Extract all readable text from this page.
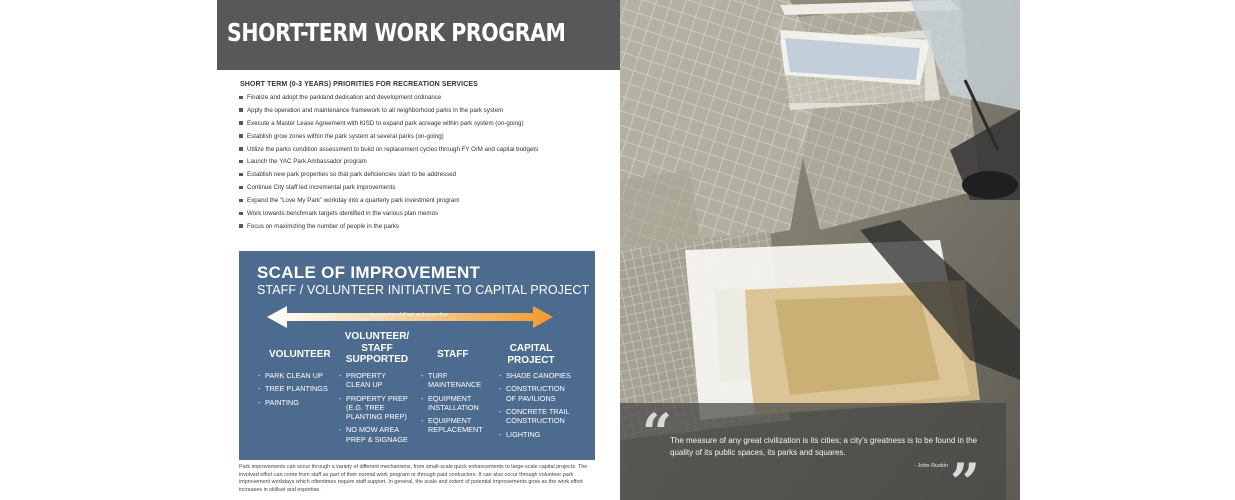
SHORT-TERM WORK PROGRAM
SHORT TERM (0-3 YEARS) PRIORITIES FOR RECREATION SERVICES
Finalize and adopt the parkland dedication and development ordinance
Apply the operation and maintenance framework to all neighborhood parks in the park system
Execute a Master Lease Agreement with KISD to expand park acreage within park system (on-going)
Establish grow zones within the park system at several parks (on-going)
Utilize the parks condition assessment to build on replacement cycles through FY O/M and capital budgets
Launch the YAC Park Ambassador program
Establish new park properties so that park deficiencies start to be addressed
Continue City staff led incremental park improvements
Expand the “Love My Park” workday into a quarterly park investment program
Work towards benchmark targets identified in the various plan memos
Focus on maximizing the number of people in the parks
SCALE OF IMPROVEMENT
STAFF / VOLUNTEER INITIATIVE TO CAPITAL PROJECT
increasing skillset and expertise
VOLUNTEER
VOLUNTEER/
STAFF
SUPPORTED	STAFF
CAPITAL
PROJECT
- PARK CLEAN UP
- TREE PLANTINGS
- PAINTING
- PROPERTY
CLEAN UP
- PROPERTY PREP
(E.G. TREE
PLANTING PREP)
- NO MOW AREA
PREP & SIGNAGE
- TURF
MAINTENANCE
- EQUIPMENT
INSTALLATION
- EQUIPMENT
REPLACEMENT
- SHADE CANOPIES
- CONSTRUCTION
OF PAVILIONS
- CONCRETE TRAIL
CONSTRUCTION
- LIGHTING
Park improvements can occur through a variety of different mechanisms, from small-scale quick enhancements to large-scale capital projects. The involved effort can come from staff as part of their normal work program or through paid contractors. It can also occur through volunteer park improvement workdays which oftentimes require staff support. In general, the scale and extent of potential improvements grow as the work effort increases in skillset and expertise.
“
The measure of any great civilization is its cities; a city’s greatness is to be found in the quality of its public spaces, its parks and squares.
- John Ruskin ”
